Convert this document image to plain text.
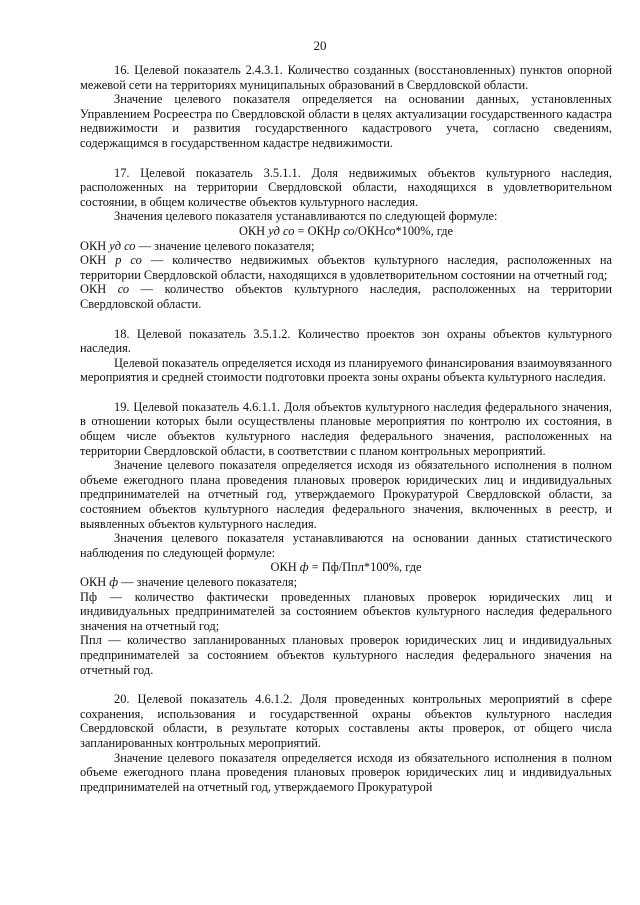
20

16. Целевой показатель 2.4.3.1. Количество созданных (восстановленных) пунктов опорной межевой сети на территориях муниципальных образований в Свердловской области.

Значение целевого показателя определяется на основании данных, установленных Управлением Росреестра по Свердловской области в целях актуализации государственного кадастра недвижимости и развития государственного кадастрового учета, согласно сведениям, содержащимся в государственном кадастре недвижимости.

17. Целевой показатель 3.5.1.1. Доля недвижимых объектов культурного наследия, расположенных на территории Свердловской области, находящихся в удовлетворительном состоянии, в общем количестве объектов культурного наследия.

Значения целевого показателя устанавливаются по следующей формуле:

ОКН уд со = ОКНр со/ОКНсо*100%, где

ОКН уд со — значение целевого показателя;

ОКН р со — количество недвижимых объектов культурного наследия, расположенных на территории Свердловской области, находящихся в удовлетворительном состоянии на отчетный год;

ОКН со — количество объектов культурного наследия, расположенных на территории Свердловской области.

18. Целевой показатель 3.5.1.2. Количество проектов зон охраны объектов культурного наследия.

Целевой показатель определяется исходя из планируемого финансирования взаимоувязанного мероприятия и средней стоимости подготовки проекта зоны охраны объекта культурного наследия.

19. Целевой показатель 4.6.1.1. Доля объектов культурного наследия федерального значения, в отношении которых были осуществлены плановые мероприятия по контролю их состояния, в общем числе объектов культурного наследия федерального значения, расположенных на территории Свердловской области, в соответствии с планом контрольных мероприятий.

Значение целевого показателя определяется исходя из обязательного исполнения в полном объеме ежегодного плана проведения плановых проверок юридических лиц и индивидуальных предпринимателей на отчетный год, утверждаемого Прокуратурой Свердловской области, за состоянием объектов культурного наследия федерального значения, включенных в реестр, и выявленных объектов культурного наследия.

Значения целевого показателя устанавливаются на основании данных статистического наблюдения по следующей формуле:

ОКН ф = Пф/Ппл*100%, где

ОКН ф — значение целевого показателя;

Пф — количество фактически проведенных плановых проверок юридических лиц и индивидуальных предпринимателей за состоянием объектов культурного наследия федерального значения на отчетный год;

Ппл — количество запланированных плановых проверок юридических лиц и индивидуальных предпринимателей за состоянием объектов культурного наследия федерального значения на отчетный год.

20. Целевой показатель 4.6.1.2. Доля проведенных контрольных мероприятий в сфере сохранения, использования и государственной охраны объектов культурного наследия Свердловской области, в результате которых составлены акты проверок, от общего числа запланированных контрольных мероприятий.

Значение целевого показателя определяется исходя из обязательного исполнения в полном объеме ежегодного плана проведения плановых проверок юридических лиц и индивидуальных предпринимателей на отчетный год, утверждаемого Прокуратурой
